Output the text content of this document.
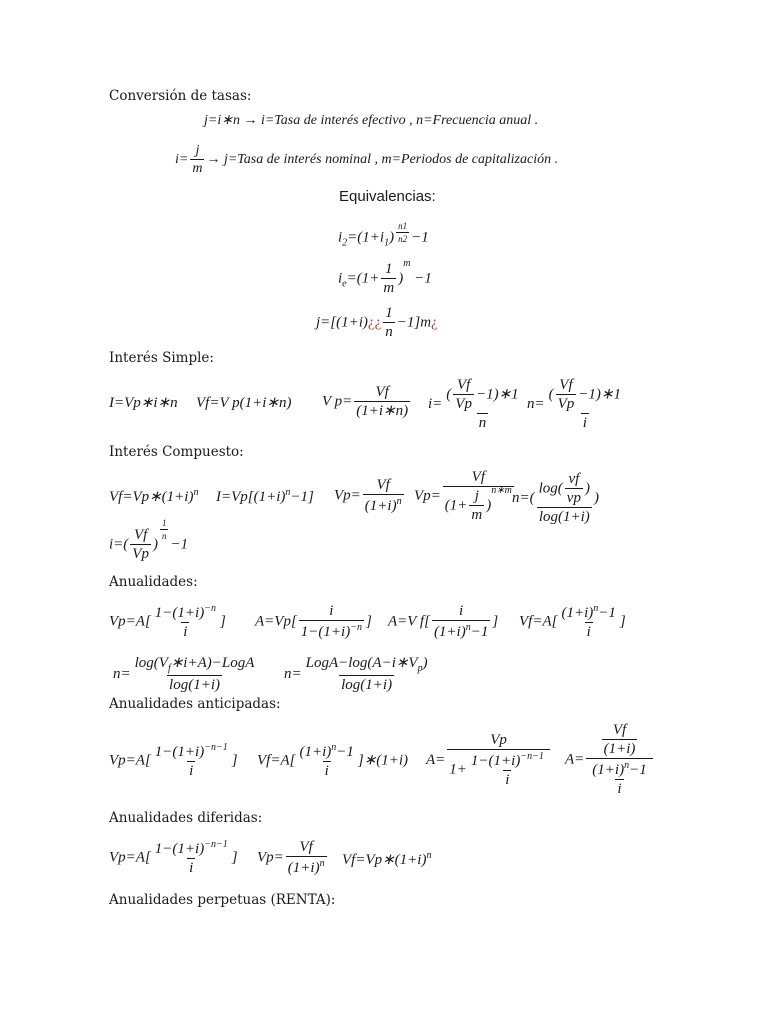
Conversión de tasas:
j=i∗n → i=Tasa de interés efectivo , n=Frecuencia anual .
$i= \frac{j}{m}$ → j=Tasa de interés nominal , m=Periodos de capitalización .
Equivalencias:
$i_2=(1+i_1)$ $^{\frac{n1}{n2}}$ −1
$i_e=(1+ \frac{1}{m} )^m -1$
j=[(1+i)¿¿ $\frac{1}{n}$ −1]m¿
Interés Simple:
I=Vp∗i∗n Vf=V p(1+i∗n) V $p= \frac{Vf}{(1+i∗n)} i= \frac{( \frac{Vf}{Vp} -1)∗1}{n} n= \frac{( \frac{Vf}{Vp} -1)∗1}{i}$
Interés Compuesto:
$Vf=Vp∗(1+i)^n$ $I=Vp[(1+i)^n-1]$ $Vp= \frac{Vf}{(1+i)^n} Vp= \frac{Vf}{(1+ \frac{j}{m} )^{n∗m}}$
$n=( \frac{\log( \frac{vf}{vp} )}{\log(1+i)}$ )
$i=( \frac{Vf}{Vp}$ )
$^{\frac{1}{n}}$
−1
Anualidades:
$Vp=A[ \frac{1-(1+i)^{-n}}{i}$ ] $A=Vp[ \frac{i}{1-(1+i)^{-n}}$ ] A=V $f[ \frac{i}{(1+i)^n-1}$ ] $Vf=A[ \frac{(1+i)^n-1}{i}$ ]
$n= \frac{\log(V_f∗i+A)-LogA}{\log(1+i)} n= \frac{LogA-\log(A-i∗V_p)}{\log(1+i)}$
Anualidades anticipadas:
$Vp=A[ \frac{1-(1+i)^{-n-1}}{i}$ ] $Vf=A[ \frac{(1+i)^n-1}{i}$ ]∗(1+i) $A= \frac{Vp}{1+ \frac{1-(1+i)^{-n-1}}{i}} A= \frac{\frac{Vf}{(1+i)}}{\frac{(1+i)^n-1}{i}}$
Anualidades diferidas:
$Vp=A[ \frac{1-(1+i)^{-n-1}}{i}$ ] $Vp= \frac{Vf}{(1+i)^n}$ $Vf=Vp∗(1+i)^n$
Anualidades perpetuas (RENTA):
